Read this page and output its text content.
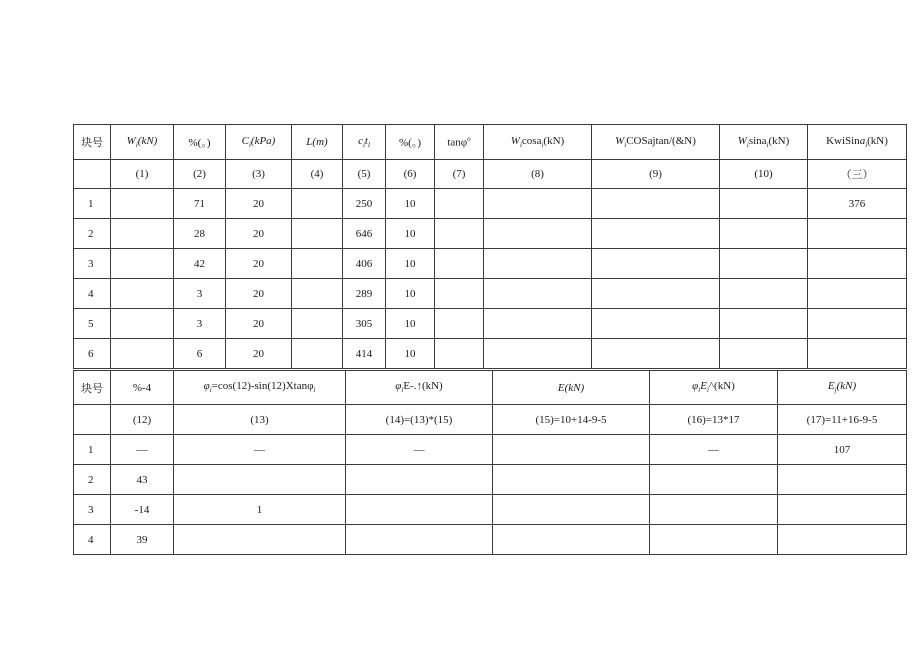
块号	$W_i(kN)$	%(。)	$C_i(kPa)$	L(m)	$c_it_l$	%(。)	tanφ$^o$	$W_i\cos a_i(kN)$	$W_iCOSajtan/(\&N)$	$W_i\sin a_i(kN)$	KwiSina$_i$(kN)
	(1)	(2)	(3)	(4)	(5)	(6)	(7)	(8)	(9)	(10)	（三）
1		71	20		250	10					376
2		28	20		646	10					
3		42	20		406	10					
4		3	20		289	10					
5		3	20		305	10					
6		6	20		414	10					
块号	%-4	$\varphi_i=\cos(12)-\sin(12)Xtan\varphi_i$	$\varphi_iE-.↑(kN)$	E(kN)	$\varphi_iE_i\^{}(kN)$	$E_j(kN)$
	(12)	(13)	(14)=(13)*(15)	(15)=10+14-9-5	(16)=13*17	(17)=11+16-9-5
1	—	—	—		—	107
2	43					
3	-14	1				
4	39					
